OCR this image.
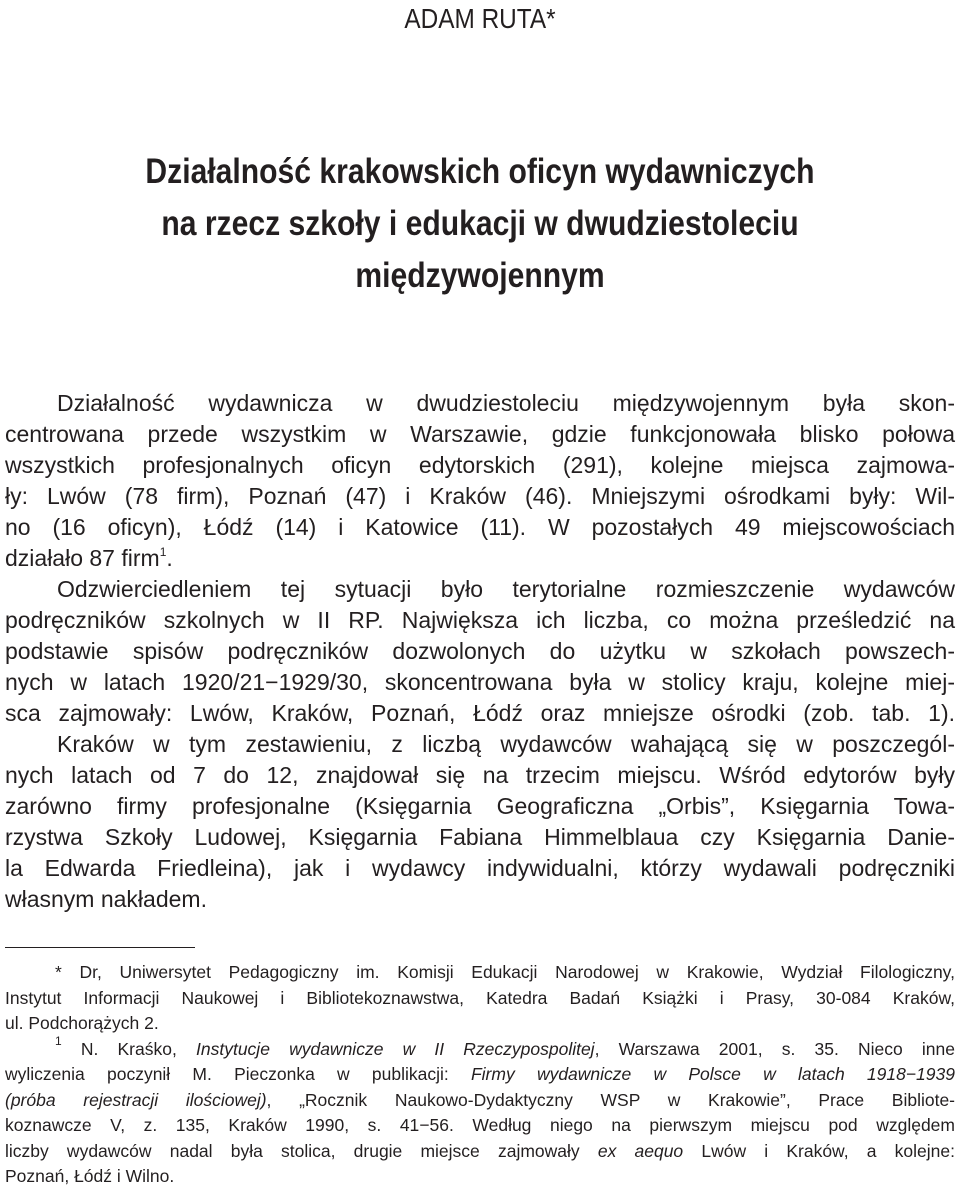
ADAM RUTA*
Działalność krakowskich oficyn wydawniczych
na rzecz szkoły i edukacji w dwudziestoleciu
międzywojennym
Działalność wydawnicza w dwudziestoleciu międzywojennym była skon-
centrowana przede wszystkim w Warszawie, gdzie funkcjonowała blisko połowa
wszystkich profesjonalnych oficyn edytorskich (291), kolejne miejsca zajmowa-
ły: Lwów (78 firm), Poznań (47) i Kraków (46). Mniejszymi ośrodkami były: Wil-
no (16 oficyn), Łódź (14) i Katowice (11). W pozostałych 49 miejscowościach
działało 87 firm$^1$.
Odzwierciedleniem tej sytuacji było terytorialne rozmieszczenie wydawców
podręczników szkolnych w II RP. Największa ich liczba, co można prześledzić na
podstawie spisów podręczników dozwolonych do użytku w szkołach powszech-
nych w latach 1920/21−1929/30, skoncentrowana była w stolicy kraju, kolejne miej-
sca zajmowały: Lwów, Kraków, Poznań, Łódź oraz mniejsze ośrodki (zob. tab. 1).
Kraków w tym zestawieniu, z liczbą wydawców wahającą się w poszczegól-
nych latach od 7 do 12, znajdował się na trzecim miejscu. Wśród edytorów były
zarówno firmy profesjonalne (Księgarnia Geograficzna „Orbis”, Księgarnia Towa-
rzystwa Szkoły Ludowej, Księgarnia Fabiana Himmelblaua czy Księgarnia Danie-
la Edwarda Friedleina), jak i wydawcy indywidualni, którzy wydawali podręczniki
własnym nakładem.
* Dr, Uniwersytet Pedagogiczny im. Komisji Edukacji Narodowej w Krakowie, Wydział Filologiczny,
Instytut Informacji Naukowej i Bibliotekoznawstwa, Katedra Badań Książki i Prasy, 30-084 Kraków,
ul. Podchorążych 2.
$^1$ N. Kraśko, Instytucje wydawnicze w II Rzeczypospolitej, Warszawa 2001, s. 35. Nieco inne
wyliczenia poczynił M. Pieczonka w publikacji: Firmy wydawnicze w Polsce w latach 1918−1939
(próba rejestracji ilościowej), „Rocznik Naukowo-Dydaktyczny WSP w Krakowie”, Prace Bibliote-
koznawcze V, z. 135, Kraków 1990, s. 41−56. Według niego na pierwszym miejscu pod względem
liczby wydawców nadal była stolica, drugie miejsce zajmowały ex aequo Lwów i Kraków, a kolejne:
Poznań, Łódź i Wilno.
